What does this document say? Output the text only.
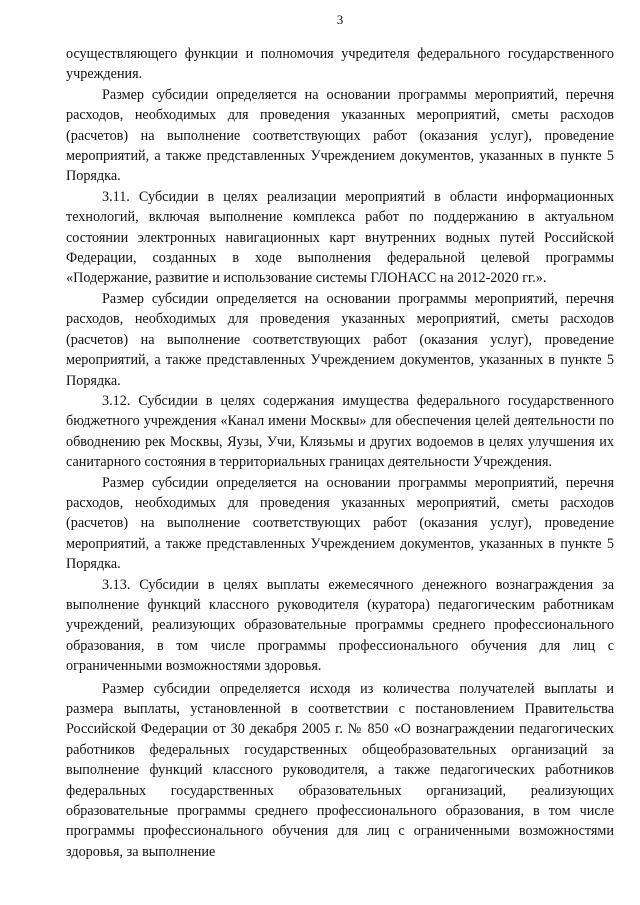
3

осуществляющего функции и полномочия учредителя федерального государственного учреждения.

Размер субсидии определяется на основании программы мероприятий, перечня расходов, необходимых для проведения указанных мероприятий, сметы расходов (расчетов) на выполнение соответствующих работ (оказания услуг), проведение мероприятий, а также представленных Учреждением документов, указанных в пункте 5 Порядка.

3.11. Субсидии в целях реализации мероприятий в области информационных технологий, включая выполнение комплекса работ по поддержанию в актуальном состоянии электронных навигационных карт внутренних водных путей Российской Федерации, созданных в ходе выполнения федеральной целевой программы «Подержание, развитие и использование системы ГЛОНАСС на 2012-2020 гг.».

Размер субсидии определяется на основании программы мероприятий, перечня расходов, необходимых для проведения указанных мероприятий, сметы расходов (расчетов) на выполнение соответствующих работ (оказания услуг), проведение мероприятий, а также представленных Учреждением документов, указанных в пункте 5 Порядка.

3.12. Субсидии в целях содержания имущества федерального государственного бюджетного учреждения «Канал имени Москвы» для обеспечения целей деятельности по обводнению рек Москвы, Яузы, Учи, Клязьмы и других водоемов в целях улучшения их санитарного состояния в территориальных границах деятельности Учреждения.

Размер субсидии определяется на основании программы мероприятий, перечня расходов, необходимых для проведения указанных мероприятий, сметы расходов (расчетов) на выполнение соответствующих работ (оказания услуг), проведение мероприятий, а также представленных Учреждением документов, указанных в пункте 5 Порядка.

3.13. Субсидии в целях выплаты ежемесячного денежного вознаграждения за выполнение функций классного руководителя (куратора) педагогическим работникам учреждений, реализующих образовательные программы среднего профессионального образования, в том числе программы профессионального обучения для лиц с ограниченными возможностями здоровья.

Размер субсидии определяется исходя из количества получателей выплаты и размера выплаты, установленной в соответствии с постановлением Правительства Российской Федерации от 30 декабря 2005 г. № 850 «О вознаграждении педагогических работников федеральных государственных общеобразовательных организаций за выполнение функций классного руководителя, а также педагогических работников федеральных государственных образовательных организаций, реализующих образовательные программы среднего профессионального образования, в том числе программы профессионального обучения для лиц с ограниченными возможностями здоровья, за выполнение
